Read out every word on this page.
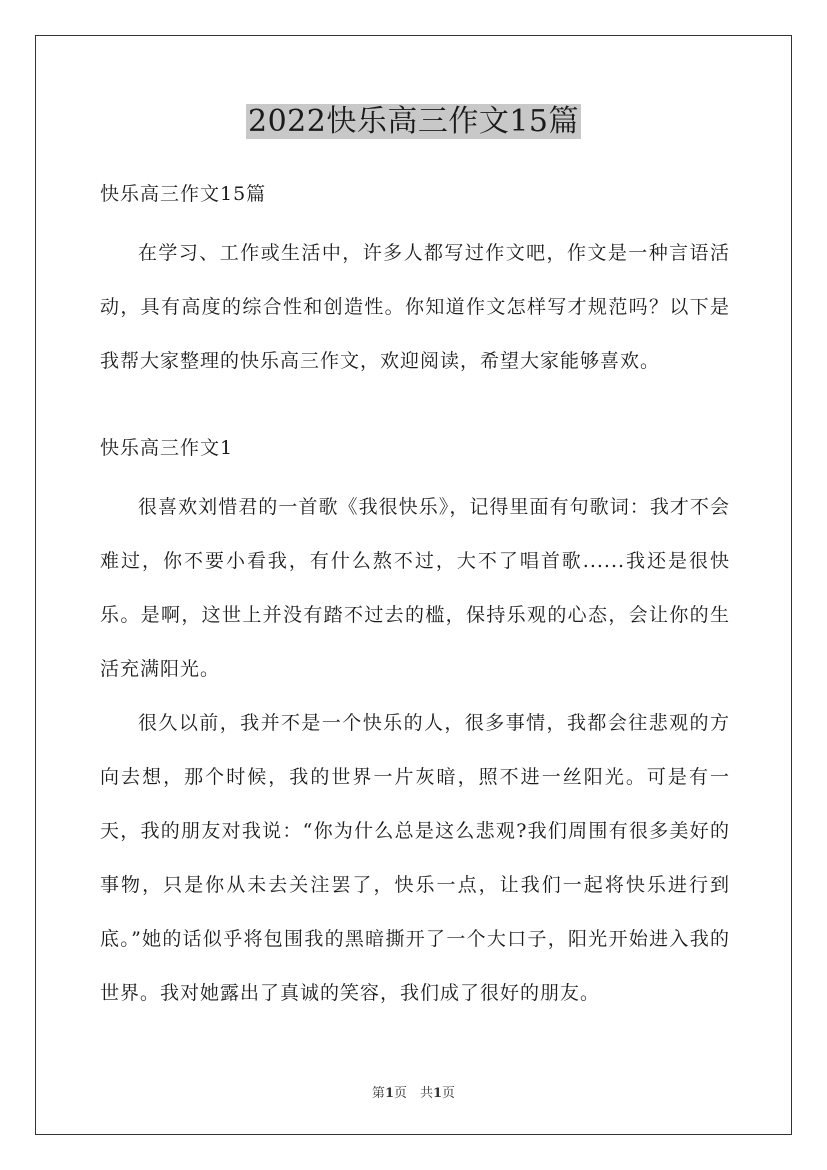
2022快乐高三作文15篇

快乐高三作文15篇

在学习、工作或生活中，许多人都写过作文吧，作文是一种言语活动，具有高度的综合性和创造性。你知道作文怎样写才规范吗？以下是我帮大家整理的快乐高三作文，欢迎阅读，希望大家能够喜欢。

快乐高三作文1

很喜欢刘惜君的一首歌《我很快乐》，记得里面有句歌词：我才不会难过，你不要小看我，有什么熬不过，大不了唱首歌......我还是很快乐。是啊，这世上并没有踏不过去的槛，保持乐观的心态，会让你的生活充满阳光。

很久以前，我并不是一个快乐的人，很多事情，我都会往悲观的方向去想，那个时候，我的世界一片灰暗，照不进一丝阳光。可是有一天，我的朋友对我说：“你为什么总是这么悲观?我们周围有很多美好的事物，只是你从未去关注罢了，快乐一点，让我们一起将快乐进行到底。”她的话似乎将包围我的黑暗撕开了一个大口子，阳光开始进入我的世界。我对她露出了真诚的笑容，我们成了很好的朋友。

第1页　共1页
